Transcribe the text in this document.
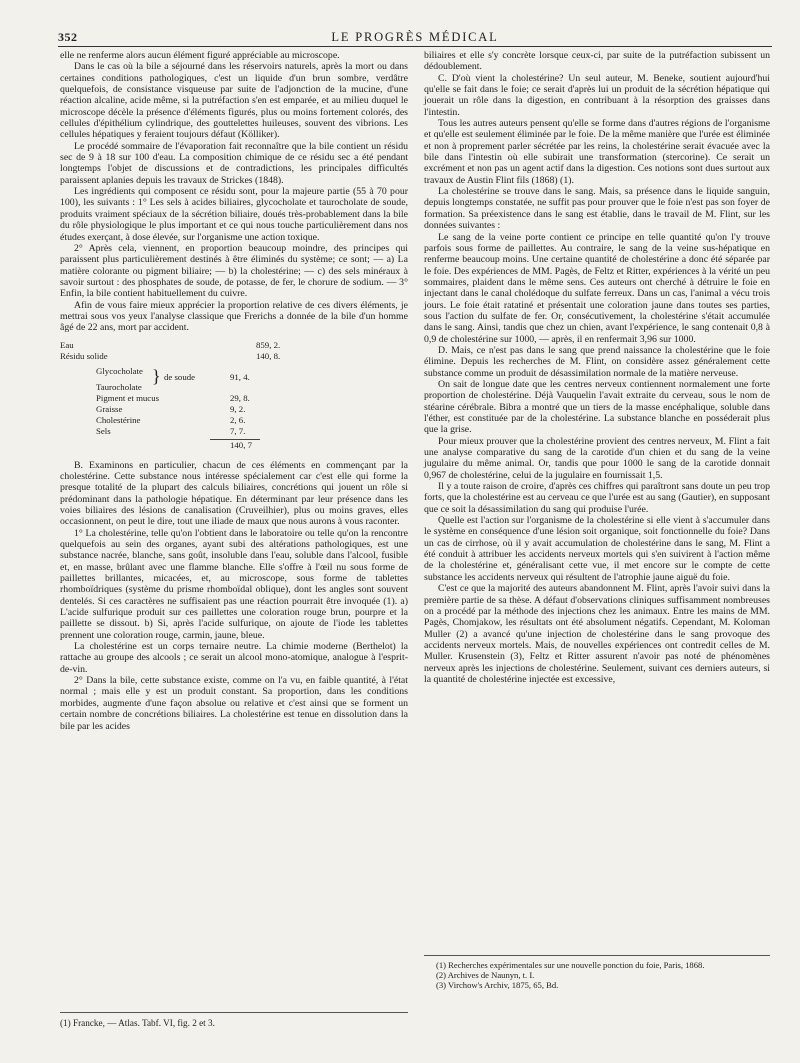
352	LE PROGRÈS MÉDICAL

elle ne renferme alors aucun élément figuré appréciable au microscope.

Dans le cas où la bile a séjourné dans les réservoirs naturels, après la mort ou dans certaines conditions pathologiques, c'est un liquide d'un brun sombre, verdâtre quelquefois, de consistance visqueuse par suite de l'adjonction de la mucine, d'une réaction alcaline, acide même, si la putréfaction s'en est emparée, et au milieu duquel le microscope décèle la présence d'éléments figurés, plus ou moins fortement colorés, des cellules d'épithélium cylindrique, des gouttelettes huileuses, souvent des vibrions. Les cellules hépatiques y feraient toujours défaut (Kölliker).

Le procédé sommaire de l'évaporation fait reconnaître que la bile contient un résidu sec de 9 à 18 sur 100 d'eau. La composition chimique de ce résidu sec a été pendant longtemps l'objet de discussions et de contradictions, les principales difficultés paraissent aplanies depuis les travaux de Strickes (1848).

Les ingrédients qui composent ce résidu sont, pour la majeure partie (55 à 70 pour 100), les suivants : 1° Les sels à acides biliaires, glycocholate et taurocholate de soude, produits vraiment spéciaux de la sécrétion biliaire, doués très-probablement dans la bile du rôle physiologique le plus important et ce qui nous touche particulièrement dans nos études exerçant, à dose élevée, sur l'organisme une action toxique.

2° Après cela, viennent, en proportion beaucoup moindre, des principes qui paraissent plus particulièrement destinés à être éliminés du système; ce sont; — a) La matière colorante ou pigment biliaire; — b) la cholestérine; — c) des sels minéraux à savoir surtout : des phosphates de soude, de potasse, de fer, le chorure de sodium. — 3° Enfin, la bile contient habituellement du cuivre.

Afin de vous faire mieux apprécier la proportion relative de ces divers éléments, je mettrai sous vos yeux l'analyse classique que Frerichs a donnée de la bile d'un homme âgé de 22 ans, mort par accident.

Eau	859, 2.
Résidu solide	140, 8.
Glycocholate
Taurocholate
} de soude	91, 4.
Pigment et mucus	29, 8.
Graisse	9, 2.
Cholestérine	2, 6.
Sels	7, 7.
140, 7

B. Examinons en particulier, chacun de ces éléments en commençant par la cholestérine. Cette substance nous intéresse spécialement car c'est elle qui forme la presque totalité de la plupart des calculs biliaires, concrétions qui jouent un rôle si prédominant dans la pathologie hépatique. En déterminant par leur présence dans les voies biliaires des lésions de canalisation (Cruveilhier), plus ou moins graves, elles occasionnent, on peut le dire, tout une iliade de maux que nous aurons à vous raconter.

1° La cholestérine, telle qu'on l'obtient dans le laboratoire ou telle qu'on la rencontre quelquefois au sein des organes, ayant subi des altérations pathologiques, est une substance nacrée, blanche, sans goût, insoluble dans l'eau, soluble dans l'alcool, fusible et, en masse, brûlant avec une flamme blanche. Elle s'offre à l'œil nu sous forme de paillettes brillantes, micacées, et, au microscope, sous forme de tablettes rhomboïdriques (système du prisme rhomboïdal oblique), dont les angles sont souvent dentelés. Si ces caractères ne suffisaient pas une réaction pourrait être invoquée (1). a) L'acide sulfurique produit sur ces paillettes une coloration rouge brun, pourpre et la paillette se dissout. b) Si, après l'acide sulfurique, on ajoute de l'iode les tablettes prennent une coloration rouge, carmin, jaune, bleue.

La cholestérine est un corps ternaire neutre. La chimie moderne (Berthelot) la rattache au groupe des alcools ; ce serait un alcool mono-atomique, analogue à l'esprit-de-vin.

2° Dans la bile, cette substance existe, comme on l'a vu, en faible quantité, à l'état normal ; mais elle y est un produit constant. Sa proportion, dans les conditions morbides, augmente d'une façon absolue ou relative et c'est ainsi que se forment un certain nombre de concrétions biliaires. La cholestérine est tenue en dissolution dans la bile par les acides

(1) Francke, — Atlas. Tabf. VI, fig. 2 et 3.

biliaires et elle s'y concrète lorsque ceux-ci, par suite de la putréfaction subissent un dédoublement.

C. D'où vient la cholestérine? Un seul auteur, M. Beneke, soutient aujourd'hui qu'elle se fait dans le foie; ce serait d'après lui un produit de la sécrétion hépatique qui jouerait un rôle dans la digestion, en contribuant à la résorption des graisses dans l'intestin.

Tous les autres auteurs pensent qu'elle se forme dans d'autres régions de l'organisme et qu'elle est seulement éliminée par le foie. De la même manière que l'urée est éliminée et non à proprement parler sécrétée par les reins, la cholestérine serait évacuée avec la bile dans l'intestin où elle subirait une transformation (stercorine). Ce serait un excrément et non pas un agent actif dans la digestion. Ces notions sont dues surtout aux travaux de Austin Flint fils (1868) (1).

La cholestérine se trouve dans le sang. Mais, sa présence dans le liquide sanguin, depuis longtemps constatée, ne suffit pas pour prouver que le foie n'est pas son foyer de formation. Sa préexistence dans le sang est établie, dans le travail de M. Flint, sur les données suivantes :

Le sang de la veine porte contient ce principe en telle quantité qu'on l'y trouve parfois sous forme de paillettes. Au contraire, le sang de la veine sus-hépatique en renferme beaucoup moins. Une certaine quantité de cholestérine a donc été séparée par le foie. Des expériences de MM. Pagès, de Feltz et Ritter, expériences à la vérité un peu sommaires, plaident dans le même sens. Ces auteurs ont cherché à détruire le foie en injectant dans le canal cholédoque du sulfate ferreux. Dans un cas, l'animal a vécu trois jours. Le foie était ratatiné et présentait une coloration jaune dans toutes ses parties, sous l'action du sulfate de fer. Or, consécutivement, la cholestérine s'était accumulée dans le sang. Ainsi, tandis que chez un chien, avant l'expérience, le sang contenait 0,8 à 0,9 de cholestérine sur 1000, — après, il en renfermait 3,96 sur 1000.

D. Mais, ce n'est pas dans le sang que prend naissance la cholestérine que le foie élimine. Depuis les recherches de M. Flint, on considère assez généralement cette substance comme un produit de désassimilation normale de la matière nerveuse.

On sait de longue date que les centres nerveux contiennent normalement une forte proportion de cholestérine. Déjà Vauquelin l'avait extraite du cerveau, sous le nom de stéarine cérébrale. Bibra a montré que un tiers de la masse encéphalique, soluble dans l'éther, est constituée par de la cholestérine. La substance blanche en posséderait plus que la grise.

Pour mieux prouver que la cholestérine provient des centres nerveux, M. Flint a fait une analyse comparative du sang de la carotide d'un chien et du sang de la veine jugulaire du même animal. Or, tandis que pour 1000 le sang de la carotide donnait 0,967 de cholestérine, celui de la jugulaire en fournissait 1,5.

Il y a toute raison de croire, d'après ces chiffres qui paraîtront sans doute un peu trop forts, que la cholestérine est au cerveau ce que l'urée est au sang (Gautier), en supposant que ce soit la désassimilation du sang qui produise l'urée.

Quelle est l'action sur l'organisme de la cholestérine si elle vient à s'accumuler dans le système en conséquence d'une lésion soit organique, soit fonctionnelle du foie? Dans un cas de cirrhose, où il y avait accumulation de cholestérine dans le sang, M. Flint a été conduit à attribuer les accidents nerveux mortels qui s'en suivirent à l'action même de la cholestérine et, généralisant cette vue, il met encore sur le compte de cette substance les accidents nerveux qui résultent de l'atrophie jaune aiguë du foie.

C'est ce que la majorité des auteurs abandonnent M. Flint, après l'avoir suivi dans la première partie de sa thèse. A défaut d'observations cliniques suffisamment nombreuses on a procédé par la méthode des injections chez les animaux. Entre les mains de MM. Pagès, Chomjakow, les résultats ont été absolument négatifs. Cependant, M. Koloman Muller (2) a avancé qu'une injection de cholestérine dans le sang provoque des accidents nerveux mortels. Mais, de nouvelles expériences ont contredit celles de M. Muller. Krusenstein (3), Feltz et Ritter assurent n'avoir pas noté de phénomènes nerveux après les injections de cholestérine. Seulement, suivant ces derniers auteurs, si la quantité de cholestérine injectée est excessive,

(1) Recherches expérimentales sur une nouvelle ponction du foie, Paris, 1868.

(2) Archives de Naunyn, t. I.

(3) Virchow's Archiv, 1875, 65, Bd.
